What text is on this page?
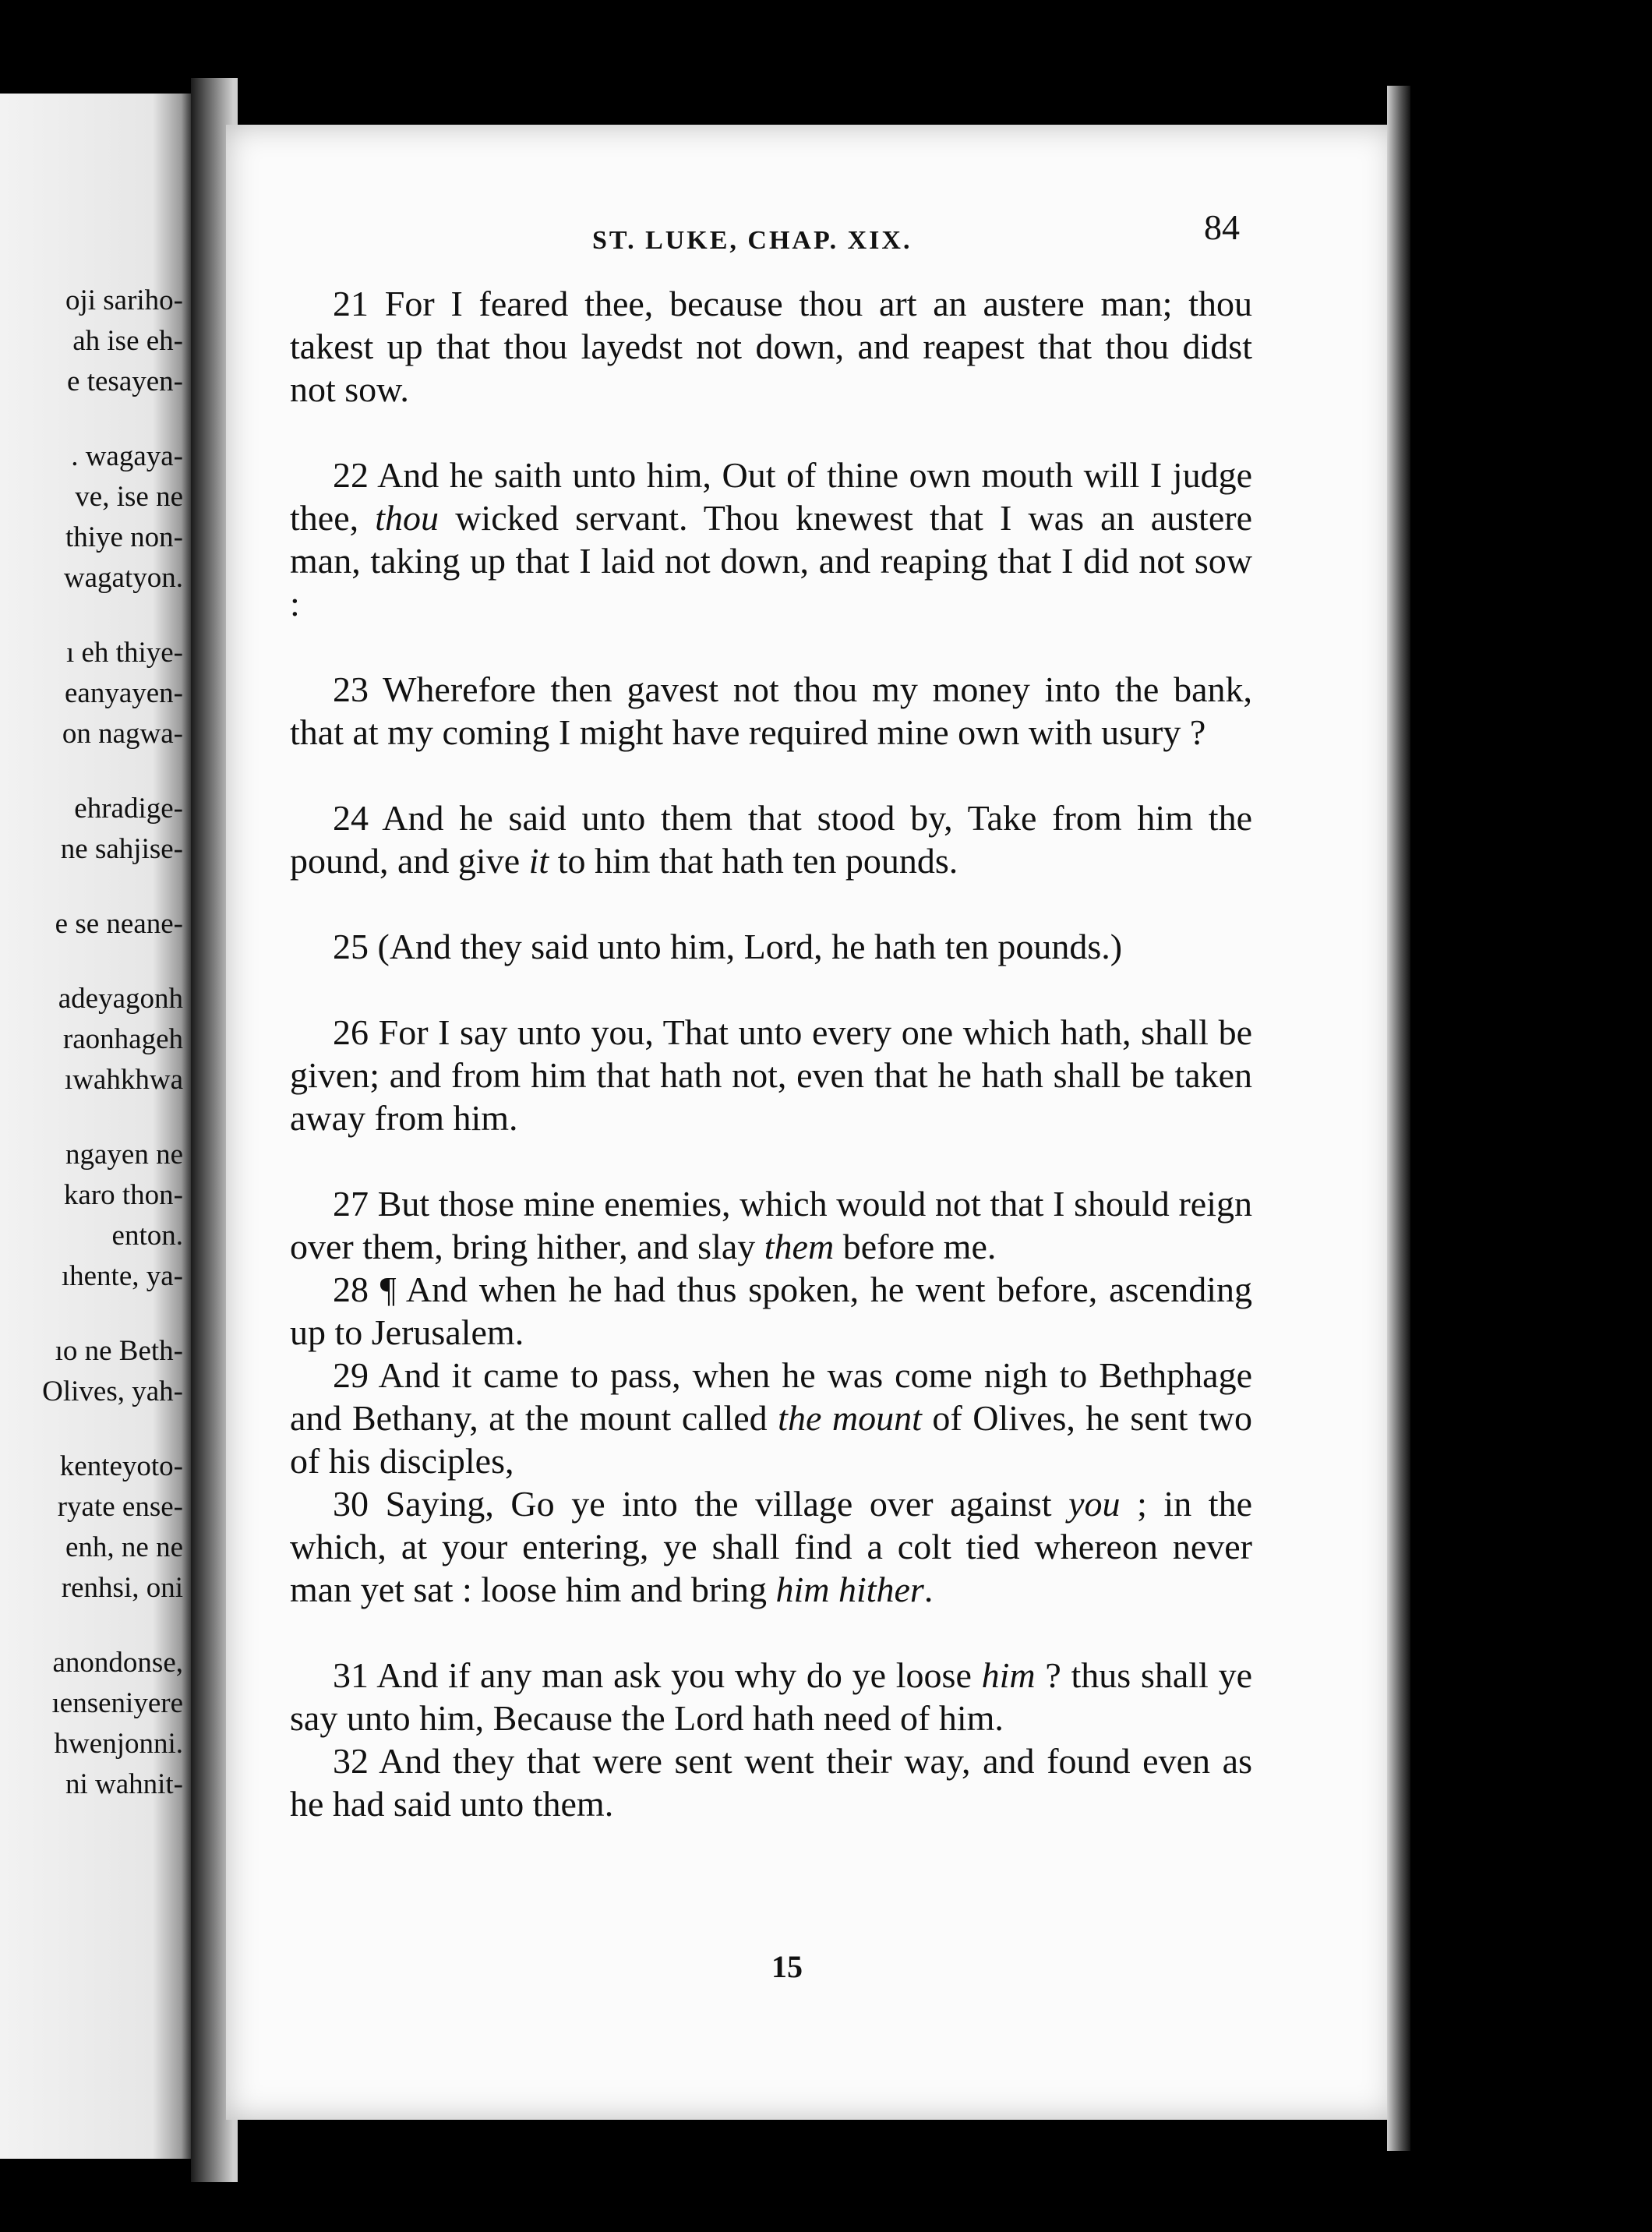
oji sariho-
ah ise eh-
e tesayen-
. wagaya-
ve, ise ne
thiye non-
wagatyon.
ı eh thiye-
eanyayen-
on nagwa-
ehradige-
ne sahjise-
e se neane-
adeyagonh
raonhageh
ıwahkhwa
ngayen ne
karo thon-
enton.
ıhente, ya-
ıo ne Beth-
Olives, yah-
kenteyoto-
ryate ense-
enh, ne ne
renhsi, oni
anondonse,
ıenseniyere
hwenjonni.
ni wahnit-
ST. LUKE, CHAP. XIX.	84
21 For I feared thee, because thou art an austere man; thou takest up that thou layedst not down, and reapest that thou didst not sow.
22 And he saith unto him, Out of thine own mouth will I judge thee, thou wicked servant. Thou knewest that I was an austere man, taking up that I laid not down, and reaping that I did not sow :
23 Wherefore then gavest not thou my money into the bank, that at my coming I might have required mine own with usury ?
24 And he said unto them that stood by, Take from him the pound, and give it to him that hath ten pounds.
25 (And they said unto him, Lord, he hath ten pounds.)
26 For I say unto you, That unto every one which hath, shall be given; and from him that hath not, even that he hath shall be taken away from him.
27 But those mine enemies, which would not that I should reign over them, bring hither, and slay them before me.
28 ¶ And when he had thus spoken, he went before, ascending up to Jerusalem.
29 And it came to pass, when he was come nigh to Bethphage and Bethany, at the mount called the mount of Olives, he sent two of his disciples,
30 Saying, Go ye into the village over against you ; in the which, at your entering, ye shall find a colt tied whereon never man yet sat : loose him and bring him hither.
31 And if any man ask you why do ye loose him ? thus shall ye say unto him, Because the Lord hath need of him.
32 And they that were sent went their way, and found even as he had said unto them.
15
